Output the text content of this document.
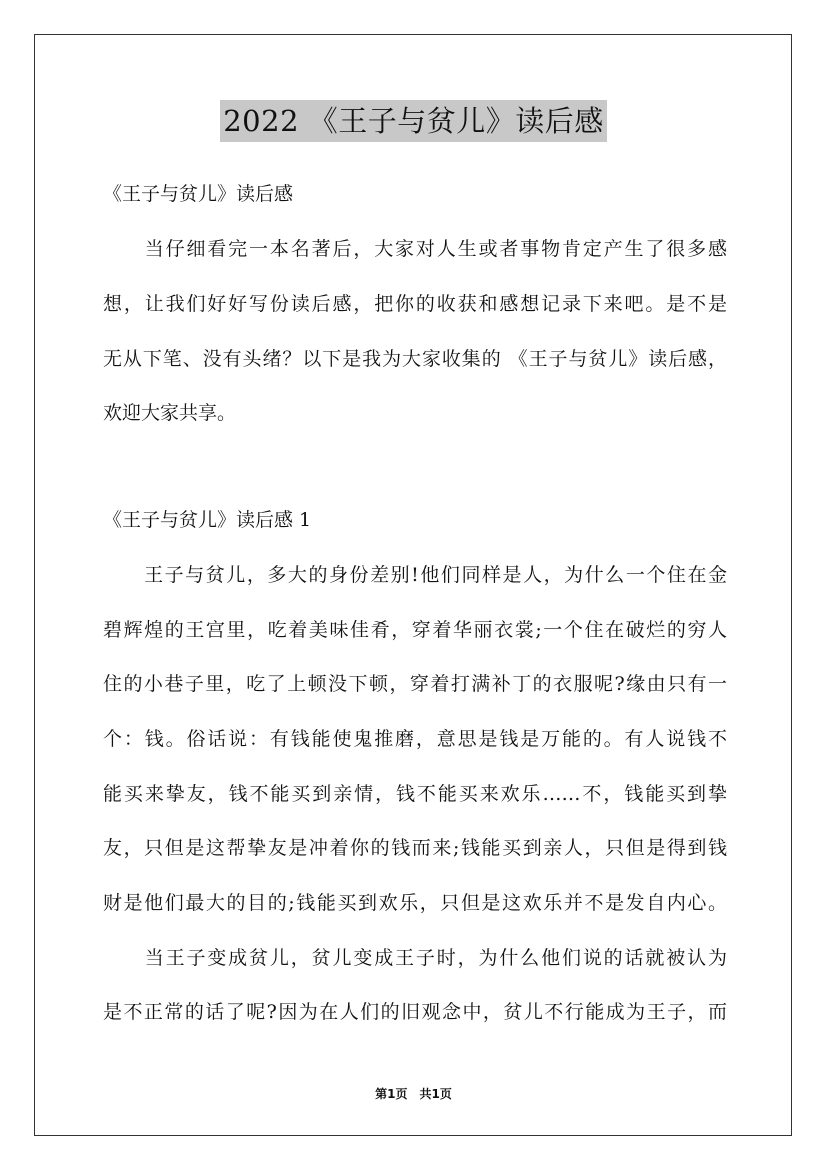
2022 《王子与贫儿》读后感
《王子与贫儿》读后感
　　当仔细看完一本名著后，大家对人生或者事物肯定产生了很多感
想，让我们好好写份读后感，把你的收获和感想记录下来吧。是不是
无从下笔、没有头绪？以下是我为大家收集的 《王子与贫儿》读后感，
欢迎大家共享。
《王子与贫儿》读后感 1
　　王子与贫儿，多大的身份差别!他们同样是人，为什么一个住在金
碧辉煌的王宫里，吃着美味佳肴，穿着华丽衣裳;一个住在破烂的穷人
住的小巷子里，吃了上顿没下顿，穿着打满补丁的衣服呢?缘由只有一
个：钱。俗话说：有钱能使鬼推磨，意思是钱是万能的。有人说钱不
能买来挚友，钱不能买到亲情，钱不能买来欢乐……不，钱能买到挚
友，只但是这帮挚友是冲着你的钱而来;钱能买到亲人，只但是得到钱
财是他们最大的目的;钱能买到欢乐，只但是这欢乐并不是发自内心。
　　当王子变成贫儿，贫儿变成王子时，为什么他们说的话就被认为
是不正常的话了呢?因为在人们的旧观念中，贫儿不行能成为王子，而
第1页　共1页
